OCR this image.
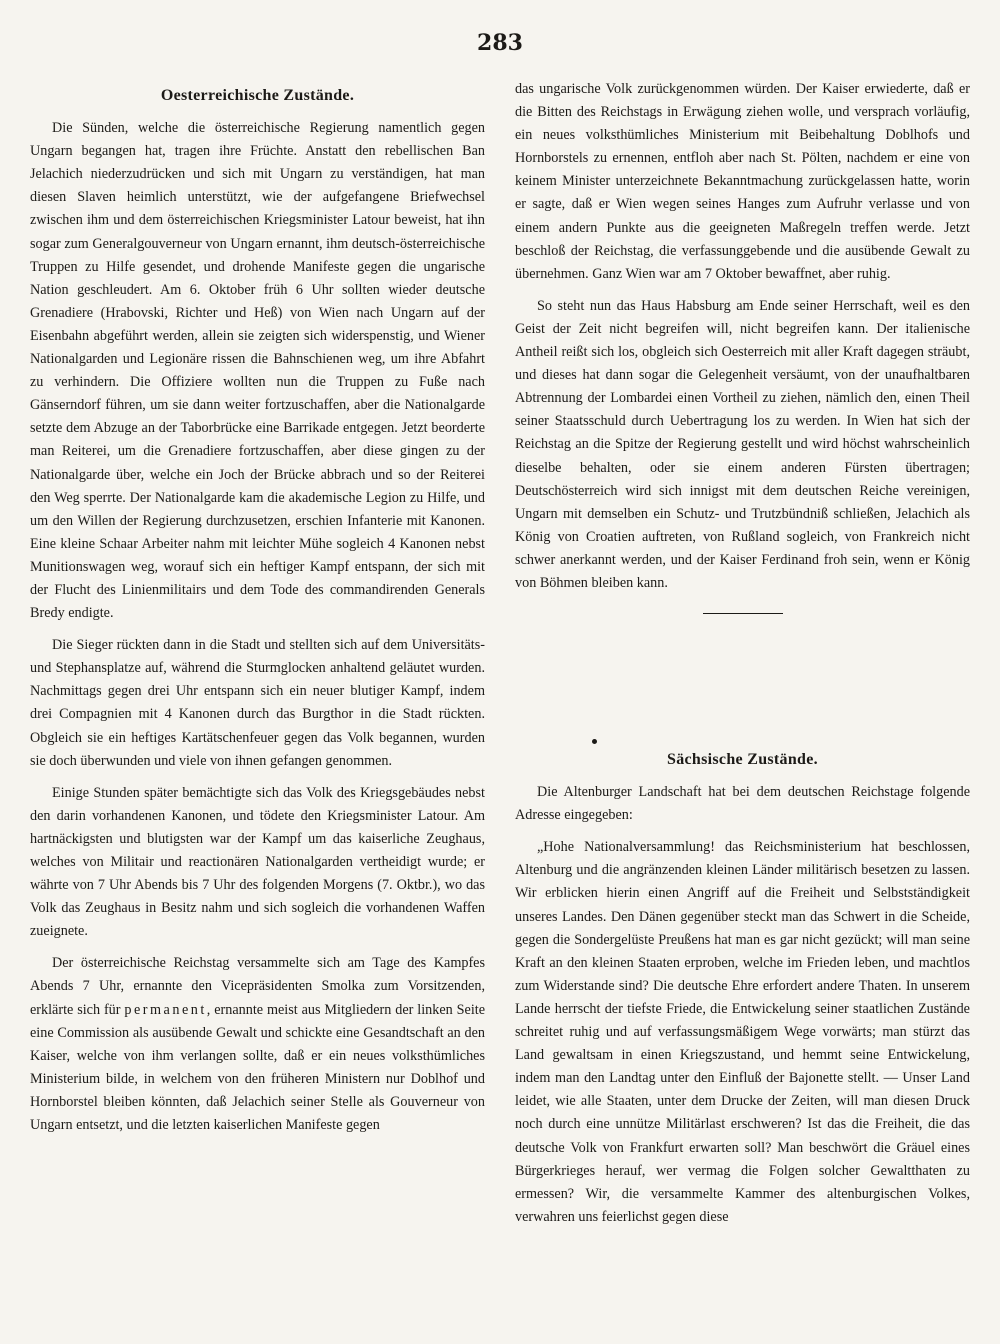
283
Oesterreichische Zustände.

Die Sünden, welche die österreichische Regierung namentlich gegen Ungarn begangen hat, tragen ihre Früchte. Anstatt den rebellischen Ban Jelachich niederzudrücken und sich mit Ungarn zu verständigen, hat man diesen Slaven heimlich unterstützt, wie der aufgefangene Briefwechsel zwischen ihm und dem österreichischen Kriegsminister Latour beweist, hat ihn sogar zum Generalgouverneur von Ungarn ernannt, ihm deutsch-österreichische Truppen zu Hilfe gesendet, und drohende Manifeste gegen die ungarische Nation geschleudert. Am 6. Oktober früh 6 Uhr sollten wieder deutsche Grenadiere (Hrabovski, Richter und Heß) von Wien nach Ungarn auf der Eisenbahn abgeführt werden, allein sie zeigten sich widerspenstig, und Wiener Nationalgarden und Legionäre rissen die Bahnschienen weg, um ihre Abfahrt zu verhindern. Die Offiziere wollten nun die Truppen zu Fuße nach Gänserndorf führen, um sie dann weiter fortzuschaffen, aber die Nationalgarde setzte dem Abzuge an der Taborbrücke eine Barrikade entgegen. Jetzt beorderte man Reiterei, um die Grenadiere fortzuschaffen, aber diese gingen zu der Nationalgarde über, welche ein Joch der Brücke abbrach und so der Reiterei den Weg sperrte. Der Nationalgarde kam die akademische Legion zu Hilfe, und um den Willen der Regierung durchzusetzen, erschien Infanterie mit Kanonen. Eine kleine Schaar Arbeiter nahm mit leichter Mühe sogleich 4 Kanonen nebst Munitionswagen weg, worauf sich ein heftiger Kampf entspann, der sich mit der Flucht des Linienmilitairs und dem Tode des commandirenden Generals Bredy endigte.

Die Sieger rückten dann in die Stadt und stellten sich auf dem Universitäts- und Stephansplatze auf, während die Sturmglocken anhaltend geläutet wurden. Nachmittags gegen drei Uhr entspann sich ein neuer blutiger Kampf, indem drei Compagnien mit 4 Kanonen durch das Burgthor in die Stadt rückten. Obgleich sie ein heftiges Kartätschenfeuer gegen das Volk begannen, wurden sie doch überwunden und viele von ihnen gefangen genommen.

Einige Stunden später bemächtigte sich das Volk des Kriegsgebäudes nebst den darin vorhandenen Kanonen, und tödete den Kriegsminister Latour. Am hartnäckigsten und blutigsten war der Kampf um das kaiserliche Zeughaus, welches von Militair und reactionären Nationalgarden vertheidigt wurde; er währte von 7 Uhr Abends bis 7 Uhr des folgenden Morgens (7. Oktbr.), wo das Volk das Zeughaus in Besitz nahm und sich sogleich die vorhandenen Waffen zueignete.

Der österreichische Reichstag versammelte sich am Tage des Kampfes Abends 7 Uhr, ernannte den Vicepräsidenten Smolka zum Vorsitzenden, erklärte sich für permanent, ernannte meist aus Mitgliedern der linken Seite eine Commission als ausübende Gewalt und schickte eine Gesandtschaft an den Kaiser, welche von ihm verlangen sollte, daß er ein neues volksthümliches Ministerium bilde, in welchem von den früheren Ministern nur Doblhof und Hornborstel bleiben könnten, daß Jelachich seiner Stelle als Gouverneur von Ungarn entsetzt, und die letzten kaiserlichen Manifeste gegen

das ungarische Volk zurückgenommen würden. Der Kaiser erwiederte, daß er die Bitten des Reichstags in Erwägung ziehen wolle, und versprach vorläufig, ein neues volksthümliches Ministerium mit Beibehaltung Doblhofs und Hornborstels zu ernennen, entfloh aber nach St. Pölten, nachdem er eine von keinem Minister unterzeichnete Bekanntmachung zurückgelassen hatte, worin er sagte, daß er Wien wegen seines Hanges zum Aufruhr verlasse und von einem andern Punkte aus die geeigneten Maßregeln treffen werde. Jetzt beschloß der Reichstag, die verfassunggebende und die ausübende Gewalt zu übernehmen. Ganz Wien war am 7 Oktober bewaffnet, aber ruhig.

So steht nun das Haus Habsburg am Ende seiner Herrschaft, weil es den Geist der Zeit nicht begreifen will, nicht begreifen kann. Der italienische Antheil reißt sich los, obgleich sich Oesterreich mit aller Kraft dagegen sträubt, und dieses hat dann sogar die Gelegenheit versäumt, von der unaufhaltbaren Abtrennung der Lombardei einen Vortheil zu ziehen, nämlich den, einen Theil seiner Staatsschuld durch Uebertragung los zu werden. In Wien hat sich der Reichstag an die Spitze der Regierung gestellt und wird höchst wahrscheinlich dieselbe behalten, oder sie einem anderen Fürsten übertragen; Deutschösterreich wird sich innigst mit dem deutschen Reiche vereinigen, Ungarn mit demselben ein Schutz- und Trutzbündniß schließen, Jelachich als König von Croatien auftreten, von Rußland sogleich, von Frankreich nicht schwer anerkannt werden, und der Kaiser Ferdinand froh sein, wenn er König von Böhmen bleiben kann.

Sächsische Zustände.

Die Altenburger Landschaft hat bei dem deutschen Reichstage folgende Adresse eingegeben:

„Hohe Nationalversammlung! das Reichsministerium hat beschlossen, Altenburg und die angränzenden kleinen Länder militärisch besetzen zu lassen. Wir erblicken hierin einen Angriff auf die Freiheit und Selbstständigkeit unseres Landes. Den Dänen gegenüber steckt man das Schwert in die Scheide, gegen die Sondergelüste Preußens hat man es gar nicht gezückt; will man seine Kraft an den kleinen Staaten erproben, welche im Frieden leben, und machtlos zum Widerstande sind? Die deutsche Ehre erfordert andere Thaten. In unserem Lande herrscht der tiefste Friede, die Entwickelung seiner staatlichen Zustände schreitet ruhig und auf verfassungsmäßigem Wege vorwärts; man stürzt das Land gewaltsam in einen Kriegszustand, und hemmt seine Entwickelung, indem man den Landtag unter den Einfluß der Bajonette stellt. — Unser Land leidet, wie alle Staaten, unter dem Drucke der Zeiten, will man diesen Druck noch durch eine unnütze Militärlast erschweren? Ist das die Freiheit, die das deutsche Volk von Frankfurt erwarten soll? Man beschwört die Gräuel eines Bürgerkrieges herauf, wer vermag die Folgen solcher Gewaltthaten zu ermessen? Wir, die versammelte Kammer des altenburgischen Volkes, verwahren uns feierlichst gegen diese
